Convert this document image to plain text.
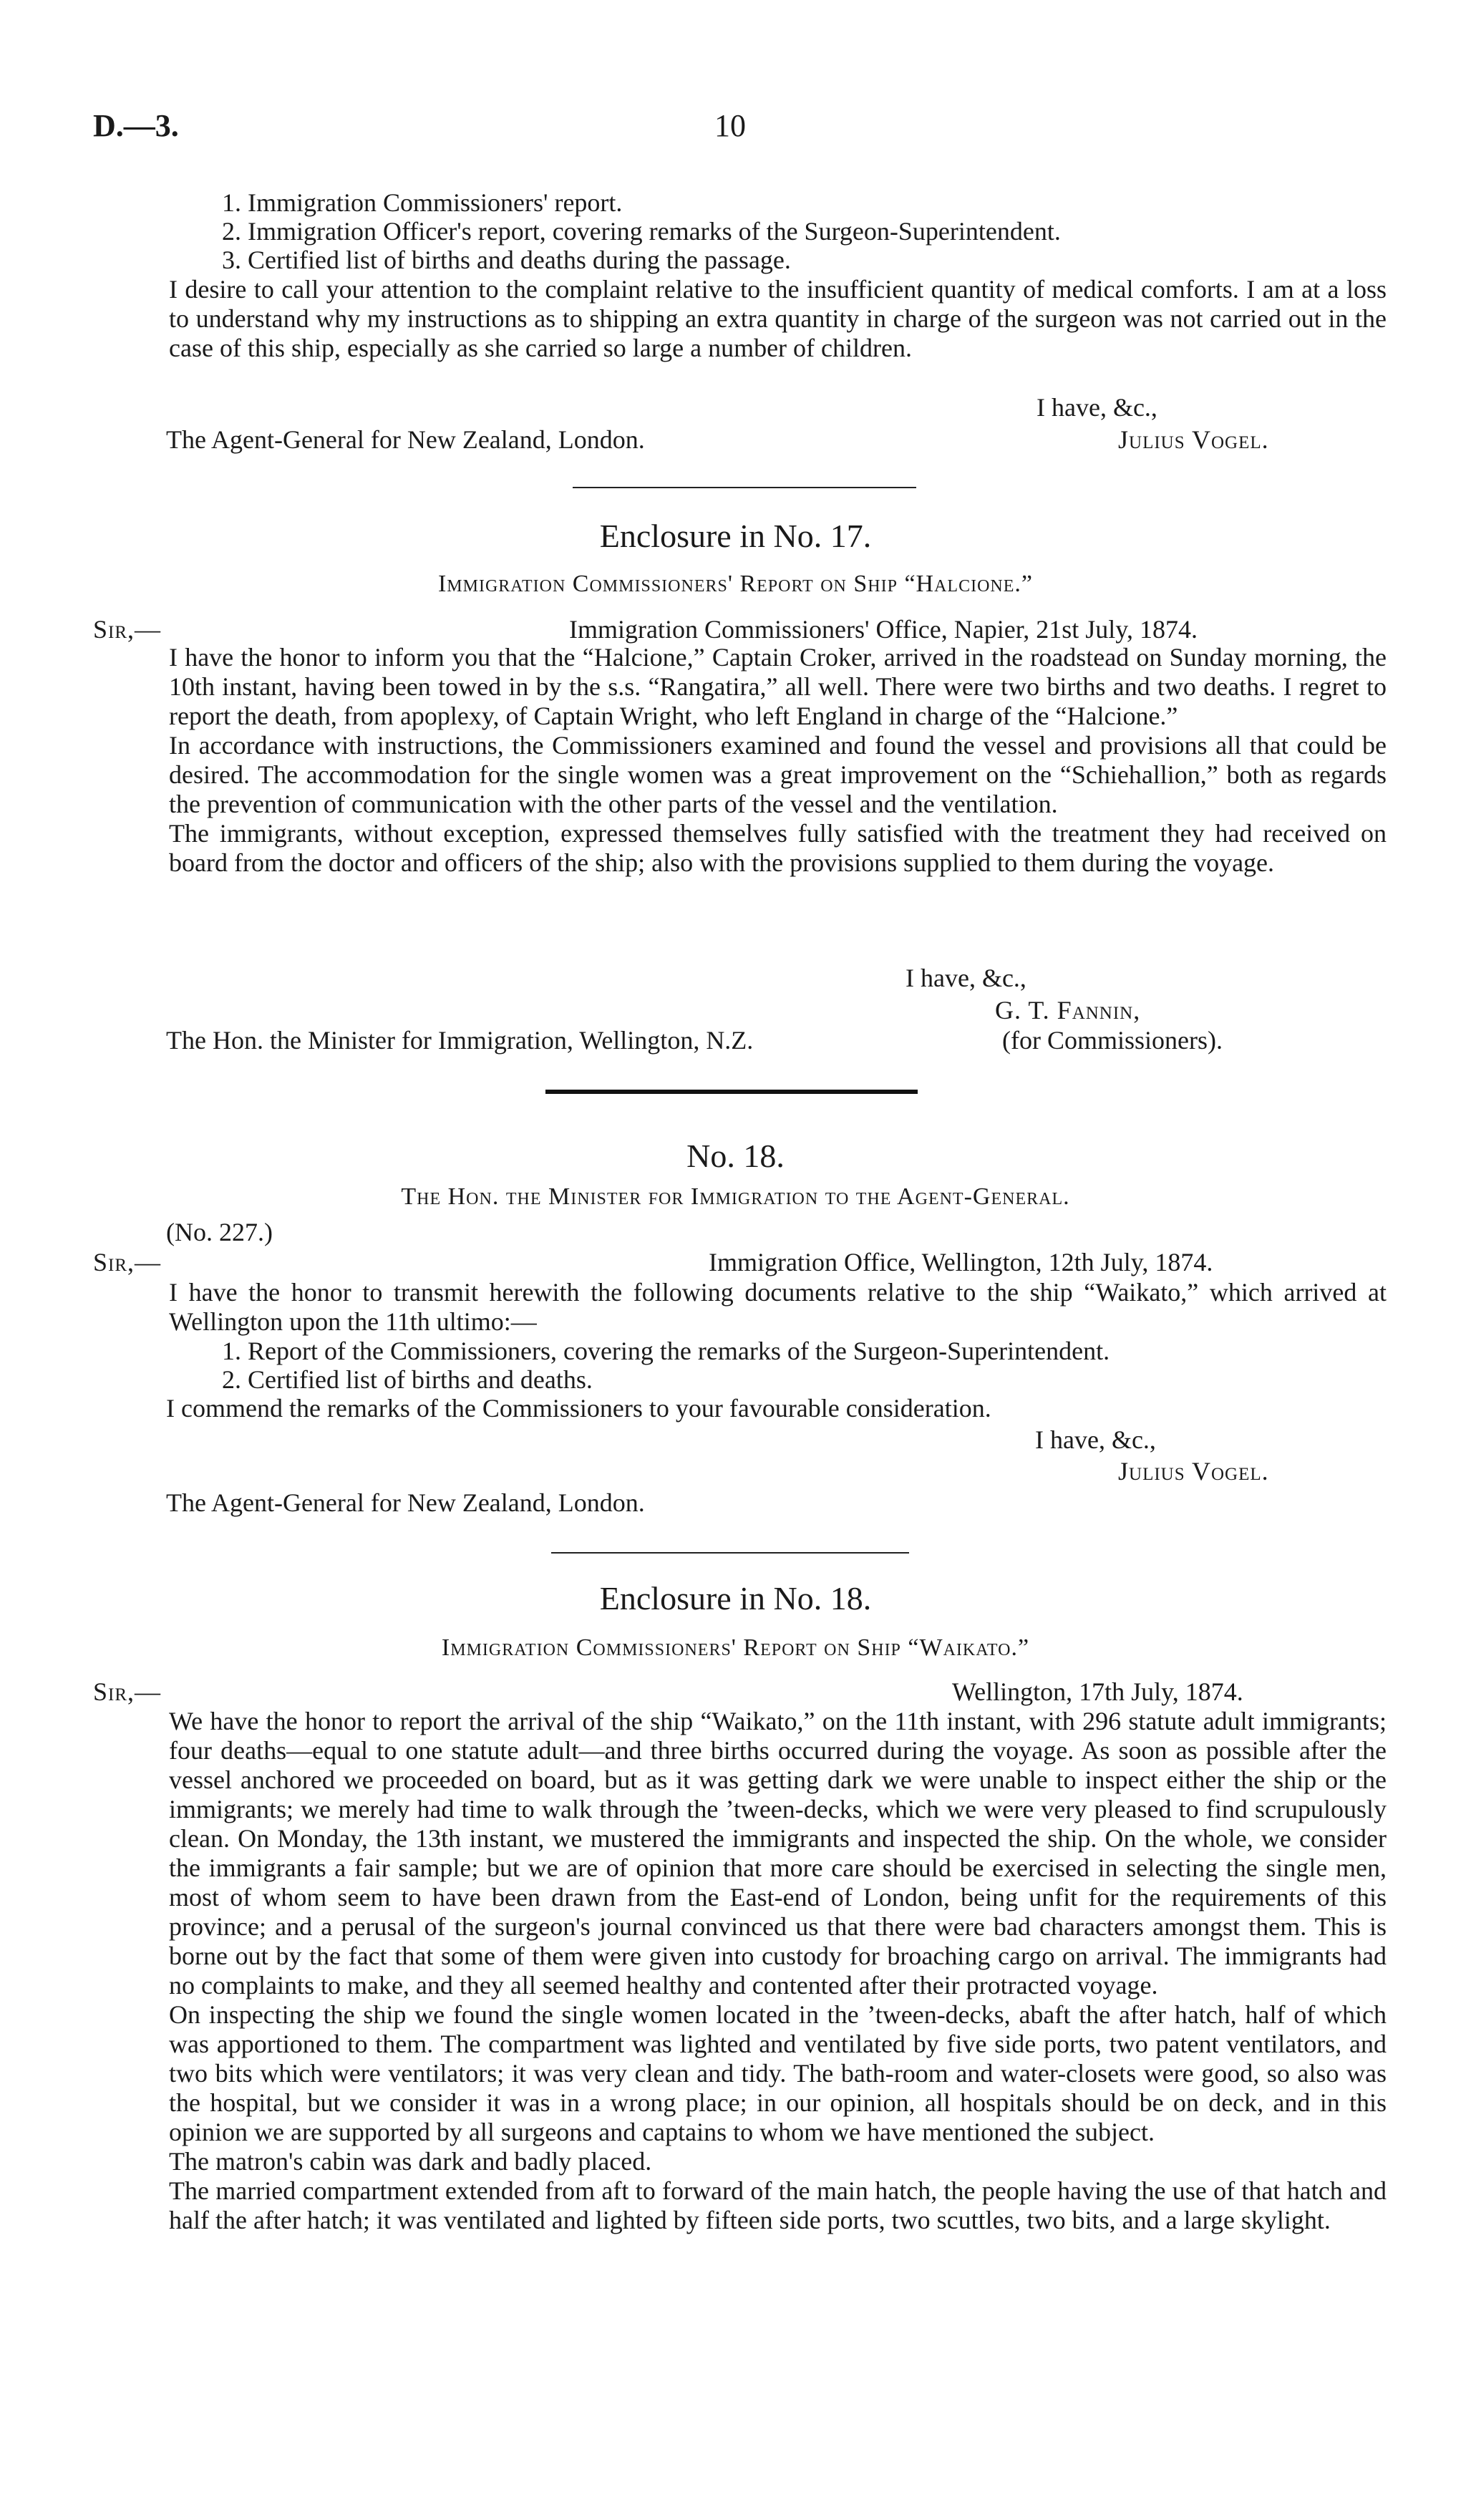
D.—3.	10
1. Immigration Commissioners' report.
2. Immigration Officer's report, covering remarks of the Surgeon-Superintendent.
3. Certified list of births and deaths during the passage.
I desire to call your attention to the complaint relative to the insufficient quantity of medical comforts. I am at a loss to understand why my instructions as to shipping an extra quantity in charge of the surgeon was not carried out in the case of this ship, especially as she carried so large a number of children.
I have, &c.,
The Agent-General for New Zealand, London.	Julius Vogel.
Enclosure in No. 17.
Immigration Commissioners' Report on Ship “Halcione.”
Sir,—	Immigration Commissioners' Office, Napier, 21st July, 1874.
I have the honor to inform you that the “Halcione,” Captain Croker, arrived in the roadstead on Sunday morning, the 10th instant, having been towed in by the s.s. “Rangatira,” all well. There were two births and two deaths. I regret to report the death, from apoplexy, of Captain Wright, who left England in charge of the “Halcione.”
In accordance with instructions, the Commissioners examined and found the vessel and provisions all that could be desired. The accommodation for the single women was a great improvement on the “Schiehallion,” both as regards the prevention of communication with the other parts of the vessel and the ventilation.
The immigrants, without exception, expressed themselves fully satisfied with the treatment they had received on board from the doctor and officers of the ship; also with the provisions supplied to them during the voyage.
I have, &c.,
G. T. Fannin,
The Hon. the Minister for Immigration, Wellington, N.Z.	(for Commissioners).
No. 18.
The Hon. the Minister for Immigration to the Agent-General.
(No. 227.)
Sir,—	Immigration Office, Wellington, 12th July, 1874.
I have the honor to transmit herewith the following documents relative to the ship “Waikato,” which arrived at Wellington upon the 11th ultimo:—
1. Report of the Commissioners, covering the remarks of the Surgeon-Superintendent.
2. Certified list of births and deaths.
I commend the remarks of the Commissioners to your favourable consideration.
I have, &c.,
Julius Vogel.
The Agent-General for New Zealand, London.
Enclosure in No. 18.
Immigration Commissioners' Report on Ship “Waikato.”
Sir,—	Wellington, 17th July, 1874.
We have the honor to report the arrival of the ship “Waikato,” on the 11th instant, with 296 statute adult immigrants; four deaths—equal to one statute adult—and three births occurred during the voyage. As soon as possible after the vessel anchored we proceeded on board, but as it was getting dark we were unable to inspect either the ship or the immigrants; we merely had time to walk through the ’tween-decks, which we were very pleased to find scrupulously clean. On Monday, the 13th instant, we mustered the immigrants and inspected the ship. On the whole, we consider the immigrants a fair sample; but we are of opinion that more care should be exercised in selecting the single men, most of whom seem to have been drawn from the East-end of London, being unfit for the requirements of this province; and a perusal of the surgeon's journal convinced us that there were bad characters amongst them. This is borne out by the fact that some of them were given into custody for broaching cargo on arrival. The immigrants had no complaints to make, and they all seemed healthy and contented after their protracted voyage.
On inspecting the ship we found the single women located in the ’tween-decks, abaft the after hatch, half of which was apportioned to them. The compartment was lighted and ventilated by five side ports, two patent ventilators, and two bits which were ventilators; it was very clean and tidy. The bath-room and water-closets were good, so also was the hospital, but we consider it was in a wrong place; in our opinion, all hospitals should be on deck, and in this opinion we are supported by all surgeons and captains to whom we have mentioned the subject.
The matron's cabin was dark and badly placed.
The married compartment extended from aft to forward of the main hatch, the people having the use of that hatch and half the after hatch; it was ventilated and lighted by fifteen side ports, two scuttles, two bits, and a large skylight.
